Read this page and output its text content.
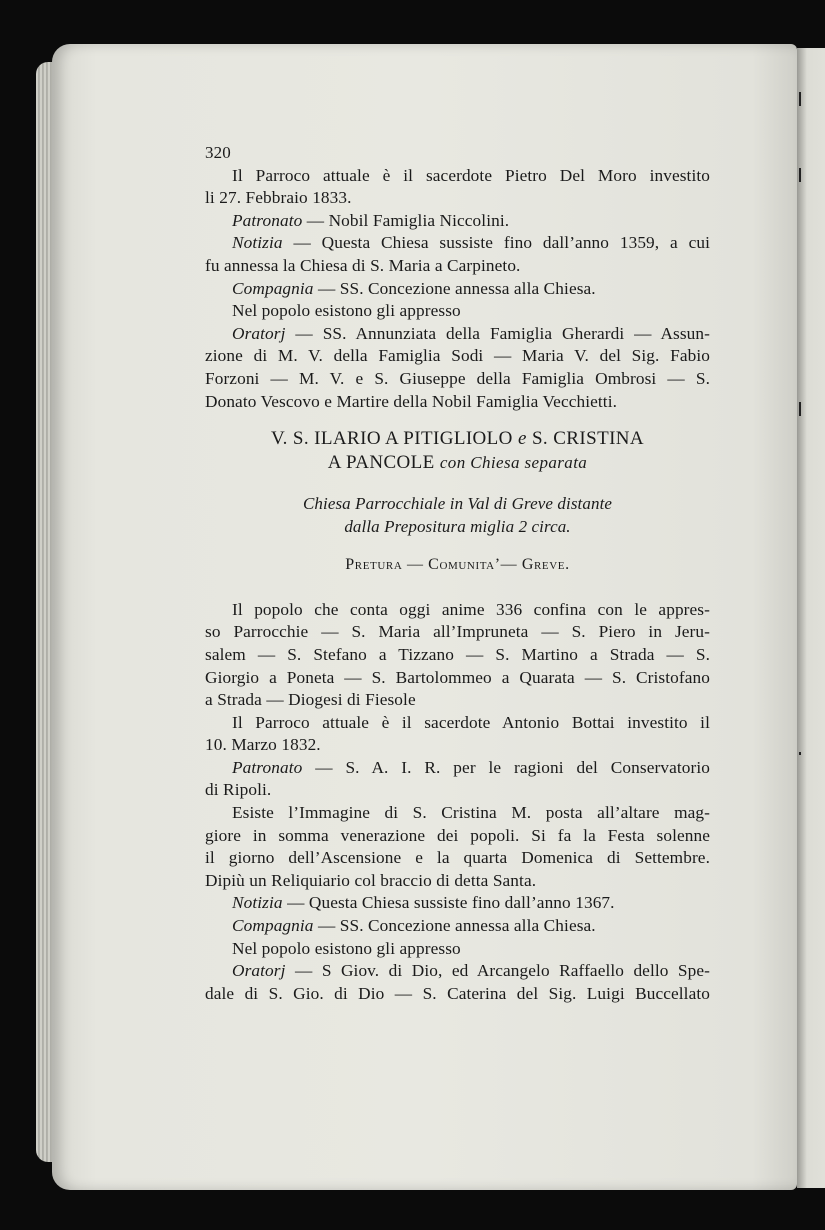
320
Il Parroco attuale è il sacerdote Pietro Del Moro investito
li 27. Febbraio 1833.
Patronato — Nobil Famiglia Niccolini.
Notizia — Questa Chiesa sussiste fino dall’anno 1359, a cui
fu annessa la Chiesa di S. Maria a Carpineto.
Compagnia — SS. Concezione annessa alla Chiesa.
Nel popolo esistono gli appresso
Oratorj — SS. Annunziata della Famiglia Gherardi — Assun-
zione di M. V. della Famiglia Sodi — Maria V. del Sig. Fabio
Forzoni — M. V. e S. Giuseppe della Famiglia Ombrosi — S.
Donato Vescovo e Martire della Nobil Famiglia Vecchietti.
V. S. ILARIO A PITIGLIOLO e S. CRISTINA
A PANCOLE con Chiesa separata
Chiesa Parrocchiale in Val di Greve distante
dalla Prepositura miglia 2 circa.
Pretura — Comunita’— Greve.
Il popolo che conta oggi anime 336 confina con le appres-
so Parrocchie — S. Maria all’Impruneta — S. Piero in Jeru-
salem — S. Stefano a Tizzano — S. Martino a Strada — S.
Giorgio a Poneta — S. Bartolommeo a Quarata — S. Cristofano
a Strada — Diogesi di Fiesole
Il Parroco attuale è il sacerdote Antonio Bottai investito il
10. Marzo 1832.
Patronato — S. A. I. R. per le ragioni del Conservatorio
di Ripoli.
Esiste l’Immagine di S. Cristina M. posta all’altare mag-
giore in somma venerazione dei popoli. Si fa la Festa solenne
il giorno dell’Ascensione e la quarta Domenica di Settembre.
Dipiù un Reliquiario col braccio di detta Santa.
Notizia — Questa Chiesa sussiste fino dall’anno 1367.
Compagnia — SS. Concezione annessa alla Chiesa.
Nel popolo esistono gli appresso
Oratorj — S Giov. di Dio, ed Arcangelo Raffaello dello Spe-
dale di S. Gio. di Dio — S. Caterina del Sig. Luigi Buccellato
